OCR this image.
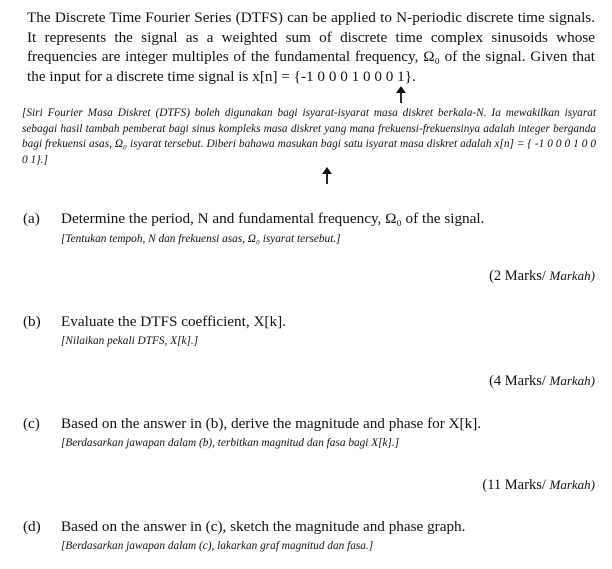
The Discrete Time Fourier Series (DTFS) can be applied to N-periodic discrete time signals. It represents the signal as a weighted sum of discrete time complex sinusoids whose frequencies are integer multiples of the fundamental frequency, Ω₀ of the signal. Given that the input for a discrete time signal is x[n] = {-1 0 0 0 1 0 0 0 1}.
[Siri Fourier Masa Diskret (DTFS) boleh digunakan bagi isyarat-isyarat masa diskret berkala-N. Ia mewakilkan isyarat sebagai hasil tambah pemberat bagi sinus kompleks masa diskret yang mana frekuensi-frekuensinya adalah integer berganda bagi frekuensi asas, Ω₀ isyarat tersebut. Diberi bahawa masukan bagi satu isyarat masa diskret adalah x[n] = { -1 0 0 0 1 0 0 0 1}.]
(a) Determine the period, N and fundamental frequency, Ω₀ of the signal.
[Tentukan tempoh, N dan frekuensi asas, Ω₀ isyarat tersebut.]
(2 Marks/ Markah)
(b) Evaluate the DTFS coefficient, X[k].
[Nilaikan pekali DTFS, X[k].]
(4 Marks/ Markah)
(c) Based on the answer in (b), derive the magnitude and phase for X[k].
[Berdasarkan jawapan dalam (b), terbitkan magnitud dan fasa bagi X[k].]
(11 Marks/ Markah)
(d) Based on the answer in (c), sketch the magnitude and phase graph.
[Berdasarkan jawapan dalam (c), lakarkan graf magnitud dan fasa.]
